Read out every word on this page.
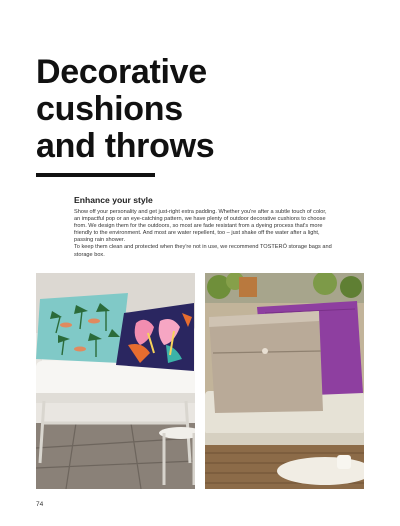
Decorative
cushions
and throws
Enhance your style

Show off your personality and get just-right extra padding. Whether you're after a subtle touch of color, an impactful pop or an eye-catching pattern, we have plenty of outdoor decorative cushions to choose from. We design them for the outdoors, so most are fade resistant from a dyeing process that's more friendly to the environment. And most are water repellent, too – just shake off the water after a light, passing rain shower.

To keep them clean and protected when they're not in use, we recommend TOSTERÖ storage bags and storage box.

74
